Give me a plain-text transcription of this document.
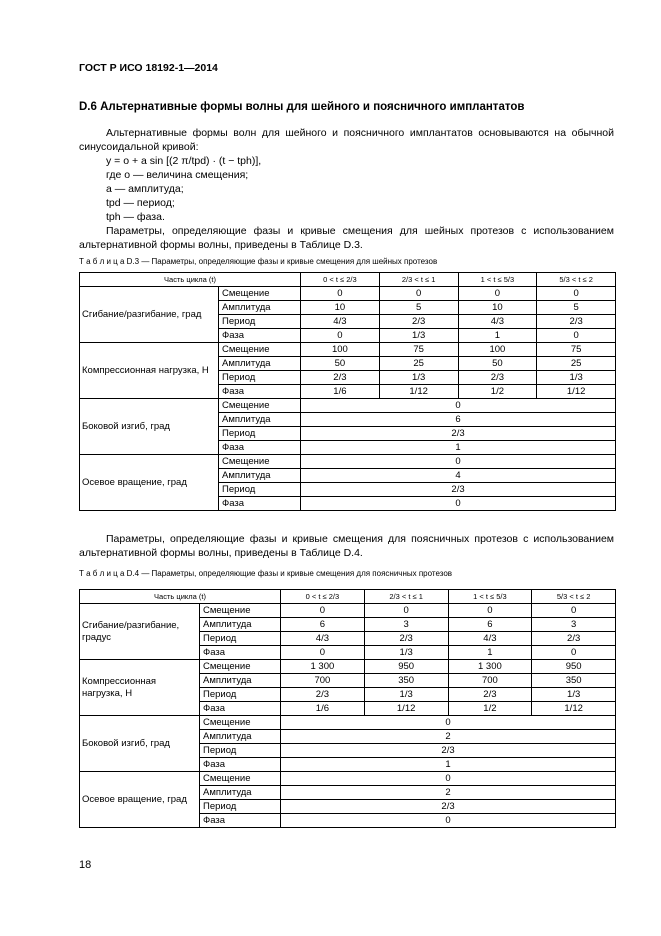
ГОСТ Р ИСО 18192-1—2014
D.6 Альтернативные формы волны для шейного и поясничного имплантатов

Альтернативные формы волн для шейного и поясничного имплантатов основываются на обычной синусоидальной кривой:

y = o + a sin [(2 π/tpd) · (t − tph)],

где o — величина смещения;

a — амплитуда;

tpd — период;

tph — фаза.

Параметры, определяющие фазы и кривые смещения для шейных протезов с использованием альтернативной формы волны, приведены в Таблице D.3.

Т а б л и ц а D.3 — Параметры, определяющие фазы и кривые смещения для шейных протезов
Часть цикла (t)		0 < t ≤ 2/3	2/3 < t ≤ 1	1 < t ≤ 5/3	5/3 < t ≤ 2
Сгибание/разгибание, град	Смещение	0	0	0	0
	Амплитуда	10	5	10	5
	Период	4/3	2/3	4/3	2/3
	Фаза	0	1/3	1	0
Компрессионная нагрузка, Н	Смещение	100	75	100	75
	Амплитуда	50	25	50	25
	Период	2/3	1/3	2/3	1/3
	Фаза	1/6	1/12	1/2	1/12
Боковой изгиб, град	Смещение	0			
	Амплитуда	6			
	Период	2/3			
	Фаза	1			
Осевое вращение, град	Смещение	0			
	Амплитуда	4			
	Период	2/3			
	Фаза	0			

Параметры, определяющие фазы и кривые смещения для поясничных протезов с использованием альтернативной формы волны, приведены в Таблице D.4.

Т а б л и ц а D.4 — Параметры, определяющие фазы и кривые смещения для поясничных протезов
Часть цикла (t)		0 < t ≤ 2/3	2/3 < t ≤ 1	1 < t ≤ 5/3	5/3 < t ≤ 2
Сгибание/разгибание, градус	Смещение	0	0	0	0
	Амплитуда	6	3	6	3
	Период	4/3	2/3	4/3	2/3
	Фаза	0	1/3	1	0
Компрессионная нагрузка, Н	Смещение	1 300	950	1 300	950
	Амплитуда	700	350	700	350
	Период	2/3	1/3	2/3	1/3
	Фаза	1/6	1/12	1/2	1/12
Боковой изгиб, град	Смещение	0			
	Амплитуда	2			
	Период	2/3			
	Фаза	1			
Осевое вращение, град	Смещение	0			
	Амплитуда	2			
	Период	2/3			
	Фаза	0			
18
